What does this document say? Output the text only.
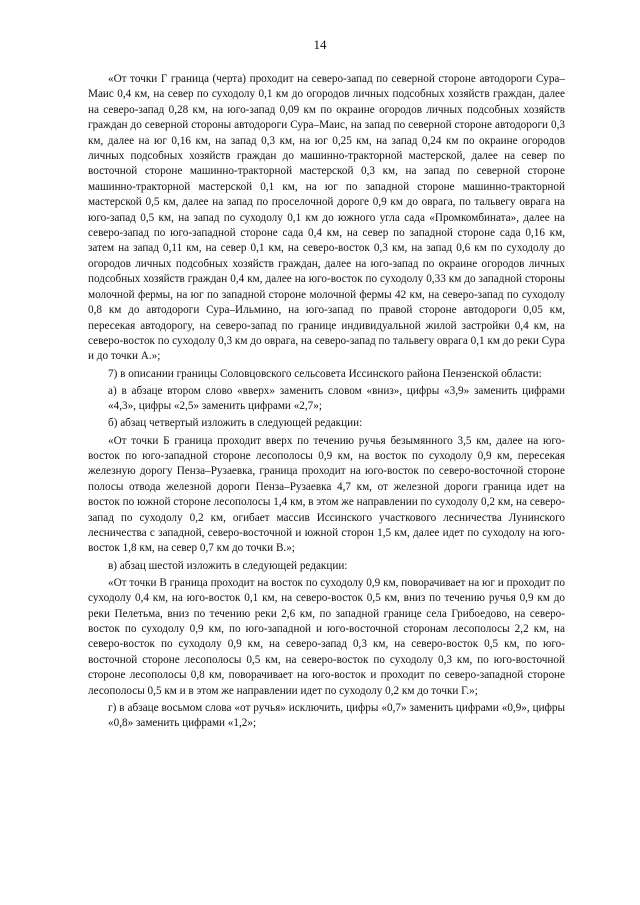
14

«От точки Г граница (черта) проходит на северо-запад по северной стороне автодороги Сура–Маис 0,4 км, на север по суходолу 0,1 км до огородов личных подсобных хозяйств граждан, далее на северо-запад 0,28 км, на юго-запад 0,09 км по окраине огородов личных подсобных хозяйств граждан до северной стороны автодороги Сура–Маис, на запад по северной стороне автодороги 0,3 км, далее на юг 0,16 км, на запад 0,3 км, на юг 0,25 км, на запад 0,24 км по окраине огородов личных подсобных хозяйств граждан до машинно-тракторной мастерской, далее на север по восточной стороне машинно-тракторной мастерской 0,3 км, на запад по северной стороне машинно-тракторной мастерской 0,1 км, на юг по западной стороне машинно-тракторной мастерской 0,5 км, далее на запад по проселочной дороге 0,9 км до оврага, по тальвегу оврага на юго-запад 0,5 км, на запад по суходолу 0,1 км до южного угла сада «Промкомбината», далее на северо-запад по юго-западной стороне сада 0,4 км, на север по западной стороне сада 0,16 км, затем на запад 0,11 км, на север 0,1 км, на северо-восток 0,3 км, на запад 0,6 км по суходолу до огородов личных подсобных хозяйств граждан, далее на юго-запад по окраине огородов личных подсобных хозяйств граждан 0,4 км, далее на юго-восток по суходолу 0,33 км до западной стороны молочной фермы, на юг по западной стороне молочной фермы 42 км, на северо-запад по суходолу 0,8 км до автодороги Сура–Ильмино, на юго-запад по правой стороне автодороги 0,05 км, пересекая автодорогу, на северо-запад по границе индивидуальной жилой застройки 0,4 км, на северо-восток по суходолу 0,3 км до оврага, на северо-запад по тальвегу оврага 0,1 км до реки Сура и до точки А.»;

7) в описании границы Соловцовского сельсовета Иссинского района Пензенской области:

а) в абзаце втором слово «вверх» заменить словом «вниз», цифры «3,9» заменить цифрами «4,3», цифры «2,5» заменить цифрами «2,7»;

б) абзац четвертый изложить в следующей редакции:

«От точки Б граница проходит вверх по течению ручья безымянного 3,5 км, далее на юго-восток по юго-западной стороне лесополосы 0,9 км, на восток по суходолу 0,9 км, пересекая железную дорогу Пенза–Рузаевка, граница проходит на юго-восток по северо-восточной стороне полосы отвода железной дороги Пенза–Рузаевка 4,7 км, от железной дороги граница идет на восток по южной стороне лесополосы 1,4 км, в этом же направлении по суходолу 0,2 км, на северо-запад по суходолу 0,2 км, огибает массив Иссинского участкового лесничества Лунинского лесничества с западной, северо-восточной и южной сторон 1,5 км, далее идет по суходолу на юго-восток 1,8 км, на север 0,7 км до точки В.»;

в) абзац шестой изложить в следующей редакции:

«От точки В граница проходит на восток по суходолу 0,9 км, поворачивает на юг и проходит по суходолу 0,4 км, на юго-восток 0,1 км, на северо-восток 0,5 км, вниз по течению ручья 0,9 км до реки Пелетьма, вниз по течению реки 2,6 км, по западной границе села Грибоедово, на северо-восток по суходолу 0,9 км, по юго-западной и юго-восточной сторонам лесополосы 2,2 км, на северо-восток по суходолу 0,9 км, на северо-запад 0,3 км, на северо-восток 0,5 км, по юго-восточной стороне лесополосы 0,5 км, на северо-восток по суходолу 0,3 км, по юго-восточной стороне лесополосы 0,8 км, поворачивает на юго-восток и проходит по северо-западной стороне лесополосы 0,5 км и в этом же направлении идет по суходолу 0,2 км до точки Г.»;

г) в абзаце восьмом слова «от ручья» исключить, цифры «0,7» заменить цифрами «0,9», цифры «0,8» заменить цифрами «1,2»;
